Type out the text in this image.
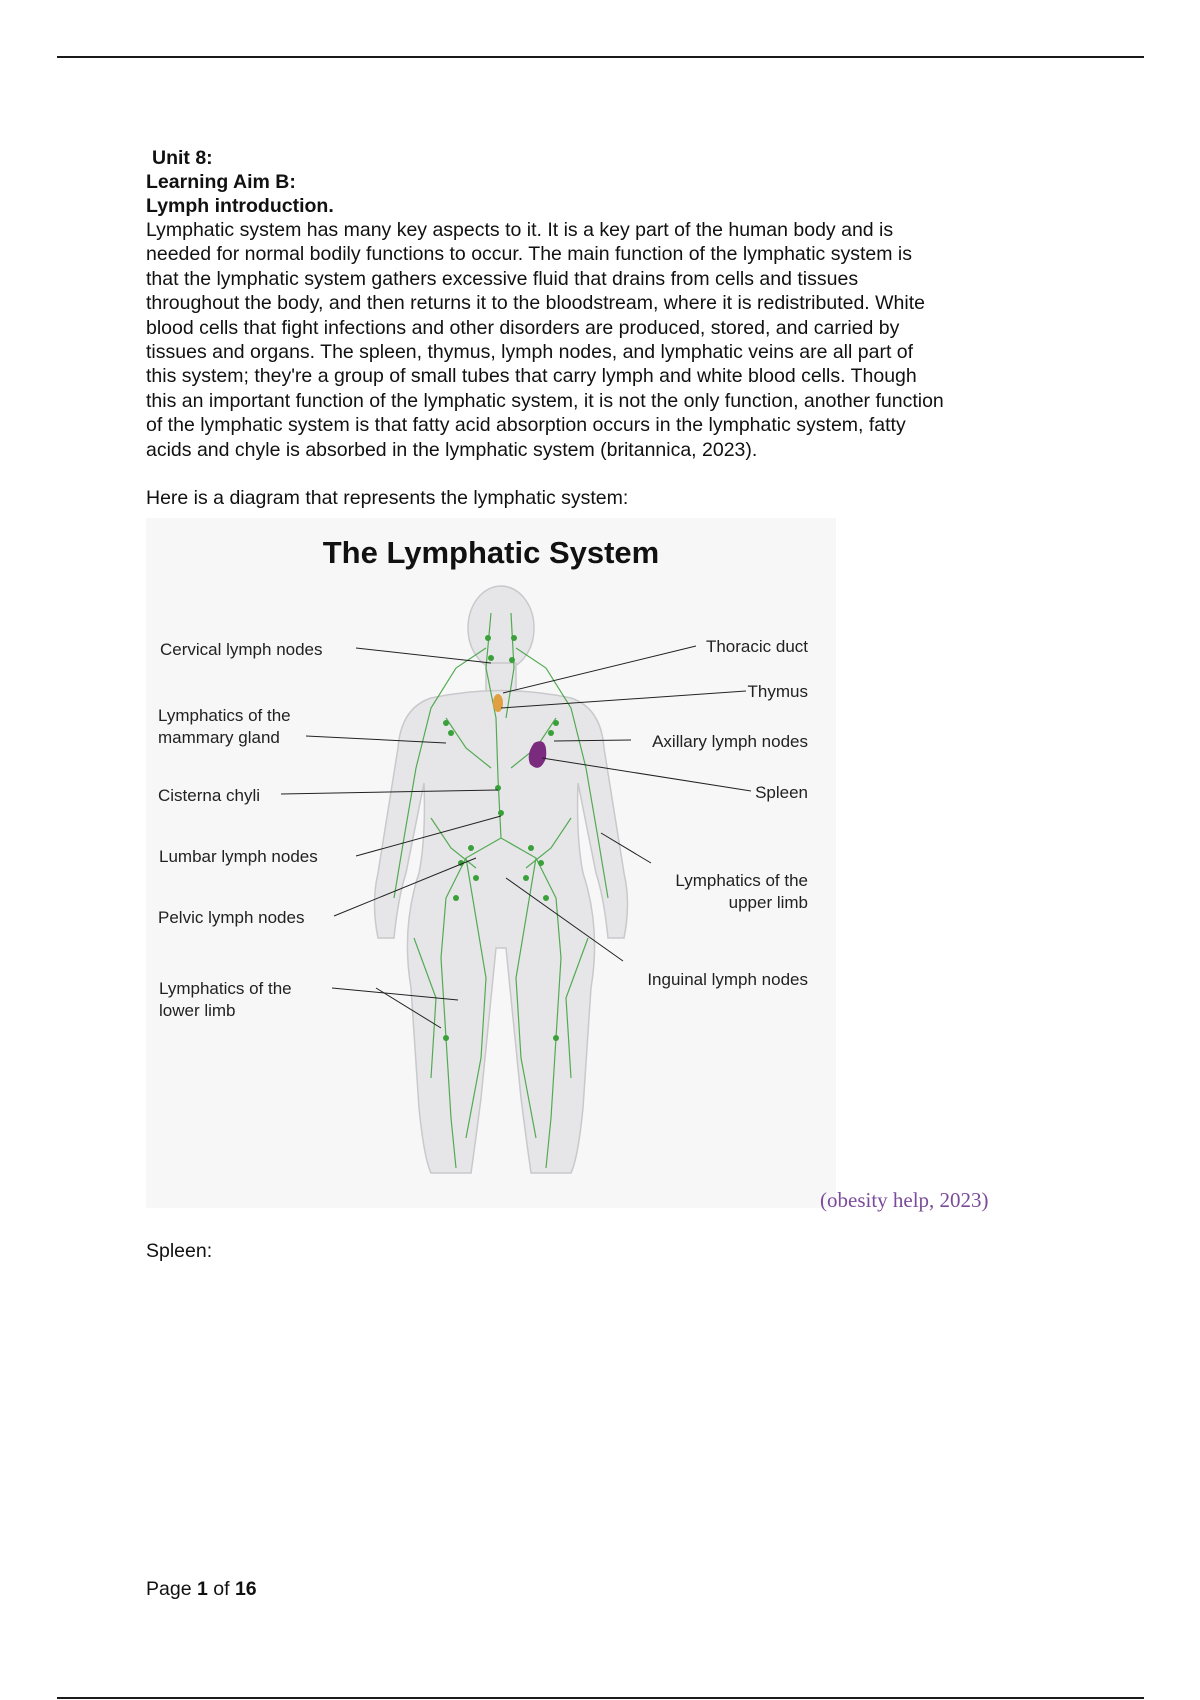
Unit 8:
Learning Aim B:
Lymph introduction.
Lymphatic system has many key aspects to it. It is a key part of the human body and is
needed for normal bodily functions to occur. The main function of the lymphatic system is
that the lymphatic system gathers excessive fluid that drains from cells and tissues
throughout the body, and then returns it to the bloodstream, where it is redistributed. White
blood cells that fight infections and other disorders are produced, stored, and carried by
tissues and organs. The spleen, thymus, lymph nodes, and lymphatic veins are all part of
this system; they're a group of small tubes that carry lymph and white blood cells. Though
this an important function of the lymphatic system, it is not the only function, another function
of the lymphatic system is that fatty acid absorption occurs in the lymphatic system, fatty
acids and chyle is absorbed in the lymphatic system (britannica, 2023).
Here is a diagram that represents the lymphatic system:
The Lymphatic System
Cervical lymph nodes
Lymphatics of the
mammary gland
Cisterna chyli
Lumbar lymph nodes
Pelvic lymph nodes
Lymphatics of the
lower limb
Thoracic duct
Thymus
Axillary lymph nodes
Spleen
Lymphatics of the
upper limb
Inguinal lymph nodes
(obesity help, 2023)
Spleen:
Page 1 of 16
